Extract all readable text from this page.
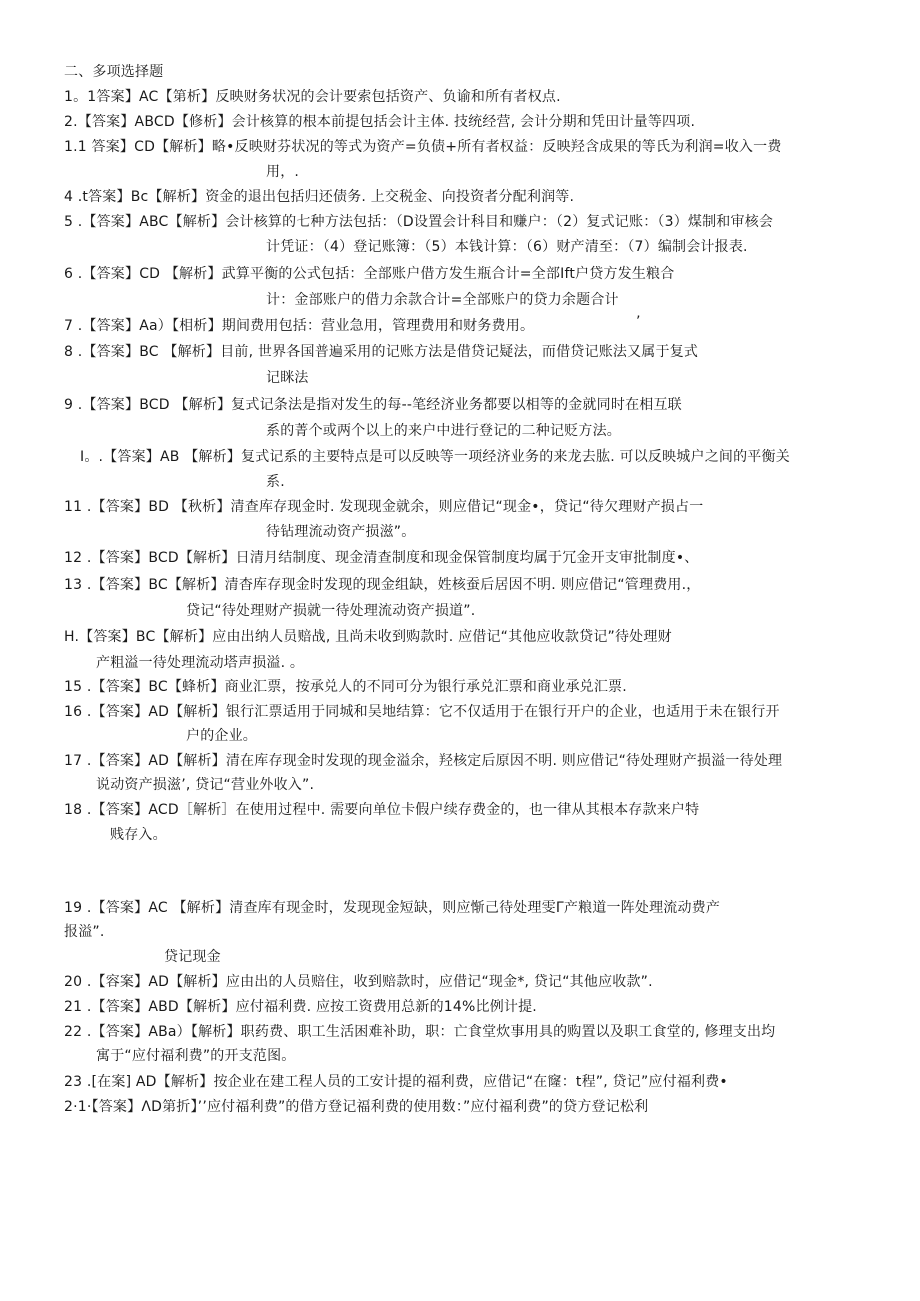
二、多项选择题
1。1答案】AC【第析】反映财务状况的会计要索包括资产、负谕和所有者权点.
2.【答案】ABCD【修析】会计核算的根本前提包括会计主体. 技统经营, 会计分期和凭田计量等四项.
1.1 答案】CD【解析】略•反映财芬状况的等式为资产=负债+所有者权益：反映羟含成果的等氏为利润=收入一费
用，.
4 .t答案】Bc【解析】资金的退出包括归还债务. 上交税金、向投资者分配利润等.
5 .【答案】ABC【解析】会计核算的七种方法包括：（D设置会计科目和赚户：（2）复式记账：（3）煤制和审核会
计凭证：（4）登记账簿：（5）本钱计算：（6）财产清至：（7）编制会计报表.
6 .【答案】CD 【解析】武算平衡的公式包括：全部账户借方发生瓶合计=全部Ift户贷方发生粮合
计：金部账户的借力余款合计=全部账户的贷力余题合计
7 .【答案】Aa）【相析】期间费用包括：营业急用，管理费用和财务费用。	’
8 .【答案】BC 【解析】目前, 世界各国普遍采用的记账方法是借贷记疑法，而借贷记账法又属于复式
记眯法
9 .【答案】BCD 【解析】复式记条法是指对发生的每--笔经济业务都要以相等的金就同时在相互联
系的菁个或两个以上的来户中进行登记的二种记贬方法。
I。.【答案】AB 【解析】复式记系的主要特点是可以反映等一项经济业务的来龙去肱. 可以反映城户之间的平衡关
系.
11 .【答案】BD 【秋析】清查库存现金时. 发现现金就余，则应借记“现金•，贷记“待欠理财产损占一
待钻理流动资产损滋”。
12 .【答案】BCD【解析】日清月结制度、现金清查制度和现金保管制度均属于冗金开支审批制度•、
13 .【答案】BC【解析】清杳库存现金时发现的现金组缺，姓核蚕后居因不明. 则应借记“管理费用.，
贷记“待处理财产损就一待处理流动资产损道”.
H.【答案】BC【解析】应由出纳人员赔战, 且尚未收到购款时. 应借记“其他应收款贷记”待处理财
产粗溢一待处理流动塔声损溢. 。
15 .【答案】BC【蜂析】商业汇票，按承兑人的不同可分为银行承兑汇票和商业承兑汇票.
16 .【答案】AD【解析】银行汇票适用于同城和吴地结算：它不仅适用于在银行开户的企业，也适用于未在银行开
户的企业。
17 .【答案】AD【解析】清在库存现金时发现的现金溢余，羟核定后原因不明. 则应借记“待处理财产损溢一待处理
说动资产损滋’, 贷记“营业外收入”.
18 .【答案】ACD［解析］在使用过程中. 需要向单位卡假户续存费金的，也一律从其根本存款来户特
贱存入。
19 .【答案】AC 【解析】清查库有现金时，发现现金短缺，则应惭己待处理雯Γ产粮道一阵处理流动费产
报溢”.
贷记现金
20 .【容案】AD【解析】应由出的人员赔住，收到赔款时，应借记“现金*, 贷记“其他应收款”.
21 .【答案】ABD【解析】应付福利费. 应按工资费用总新的14%比例计提.
22 .【答案】ABa）【解析】职药费、职工生活困难补助，职：亡食堂炊事用具的购置以及职工食堂的, 修理支出均
寓于“应付福利费”的开支范图。
23 .[在案] AD【解析】按企业在建工程人员的工安计提的福利费，应借记“在窿：t程”, 贷记”应付福利费•
2·1·【答案】ΛD第折】’’应付福利费”的借方登记福利费的使用数：”应付福利费”的贷方登记松利
